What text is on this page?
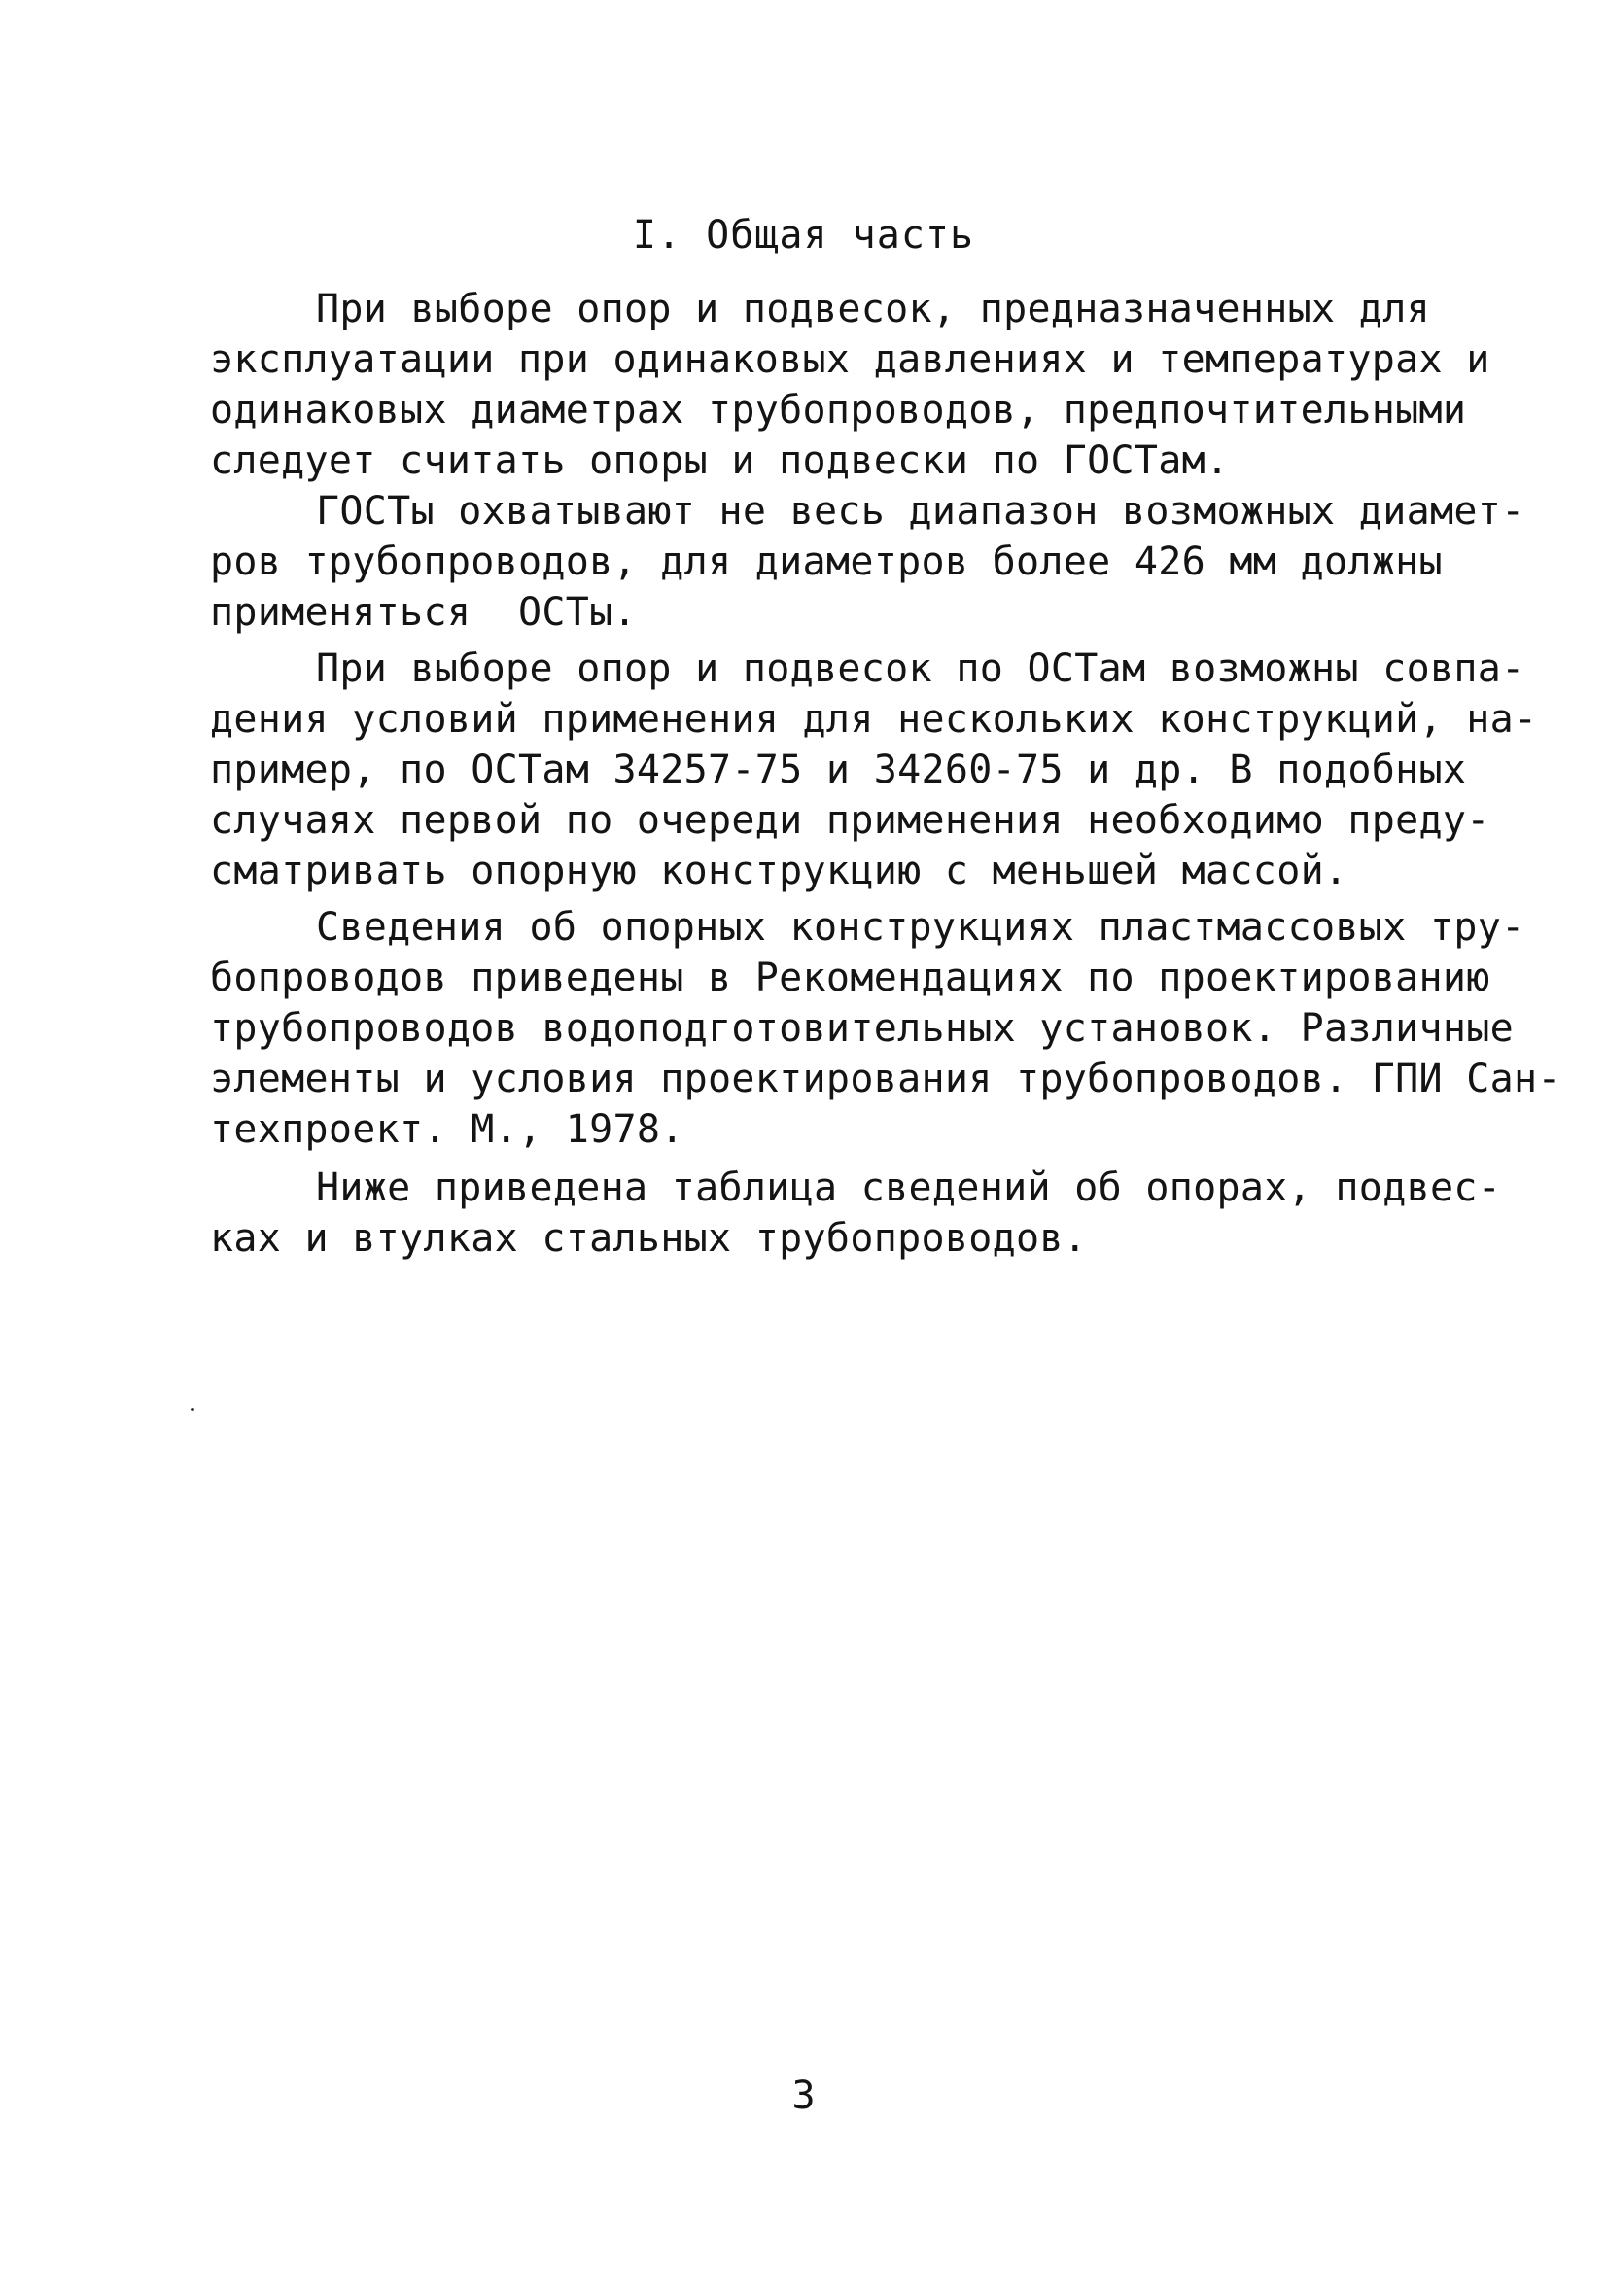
I. Общая часть
При выборе опор и подвесок, предназначенных для
эксплуатации при одинаковых давлениях и температурах и
одинаковых диаметрах трубопроводов, предпочтительными
следует считать опоры и подвески по ГОСТам.
ГОСТы охватывают не весь диапазон возможных диамет-
ров трубопроводов, для диаметров более 426 мм должны
применяться  ОСТы.
При выборе опор и подвесок по ОСТам возможны совпа-
дения условий применения для нескольких конструкций, на-
пример, по ОСТам 34257-75 и 34260-75 и др. В подобных
случаях первой по очереди применения необходимо преду-
сматривать опорную конструкцию с меньшей массой.
Сведения об опорных конструкциях пластмассовых тру-
бопроводов приведены в Рекомендациях по проектированию
трубопроводов водоподготовительных установок. Различные
элементы и условия проектирования трубопроводов. ГПИ Сан-
техпроект. М., 1978.
Ниже приведена таблица сведений об опорах, подвес-
ках и втулках стальных трубопроводов.
3
